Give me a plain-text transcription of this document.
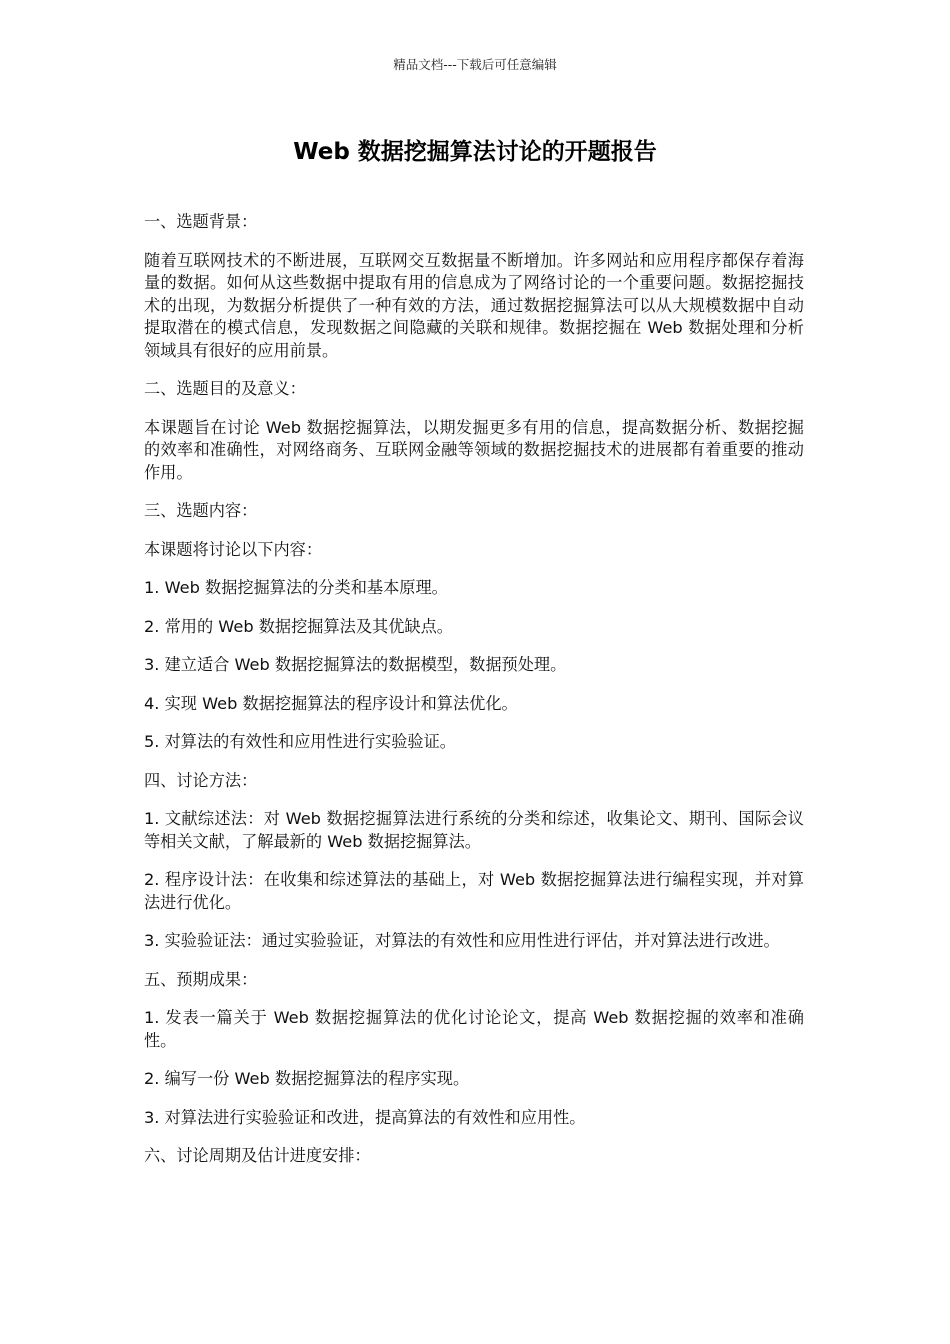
精品文档---下载后可任意编辑
Web 数据挖掘算法讨论的开题报告
一、选题背景：

随着互联网技术的不断进展，互联网交互数据量不断增加。许多网站和应用程序都保存着海量的数据。如何从这些数据中提取有用的信息成为了网络讨论的一个重要问题。数据挖掘技术的出现，为数据分析提供了一种有效的方法，通过数据挖掘算法可以从大规模数据中自动提取潜在的模式信息，发现数据之间隐藏的关联和规律。数据挖掘在 Web 数据处理和分析领域具有很好的应用前景。

二、选题目的及意义：

本课题旨在讨论 Web 数据挖掘算法，以期发掘更多有用的信息，提高数据分析、数据挖掘的效率和准确性，对网络商务、互联网金融等领域的数据挖掘技术的进展都有着重要的推动作用。

三、选题内容：

本课题将讨论以下内容：

1. Web 数据挖掘算法的分类和基本原理。

2. 常用的 Web 数据挖掘算法及其优缺点。

3. 建立适合 Web 数据挖掘算法的数据模型，数据预处理。

4. 实现 Web 数据挖掘算法的程序设计和算法优化。

5. 对算法的有效性和应用性进行实验验证。

四、讨论方法：

1. 文献综述法：对 Web 数据挖掘算法进行系统的分类和综述，收集论文、期刊、国际会议等相关文献，了解最新的 Web 数据挖掘算法。

2. 程序设计法：在收集和综述算法的基础上，对 Web 数据挖掘算法进行编程实现，并对算法进行优化。

3. 实验验证法：通过实验验证，对算法的有效性和应用性进行评估，并对算法进行改进。

五、预期成果：

1. 发表一篇关于 Web 数据挖掘算法的优化讨论论文，提高 Web 数据挖掘的效率和准确性。

2. 编写一份 Web 数据挖掘算法的程序实现。

3. 对算法进行实验验证和改进，提高算法的有效性和应用性。

六、讨论周期及估计进度安排：
